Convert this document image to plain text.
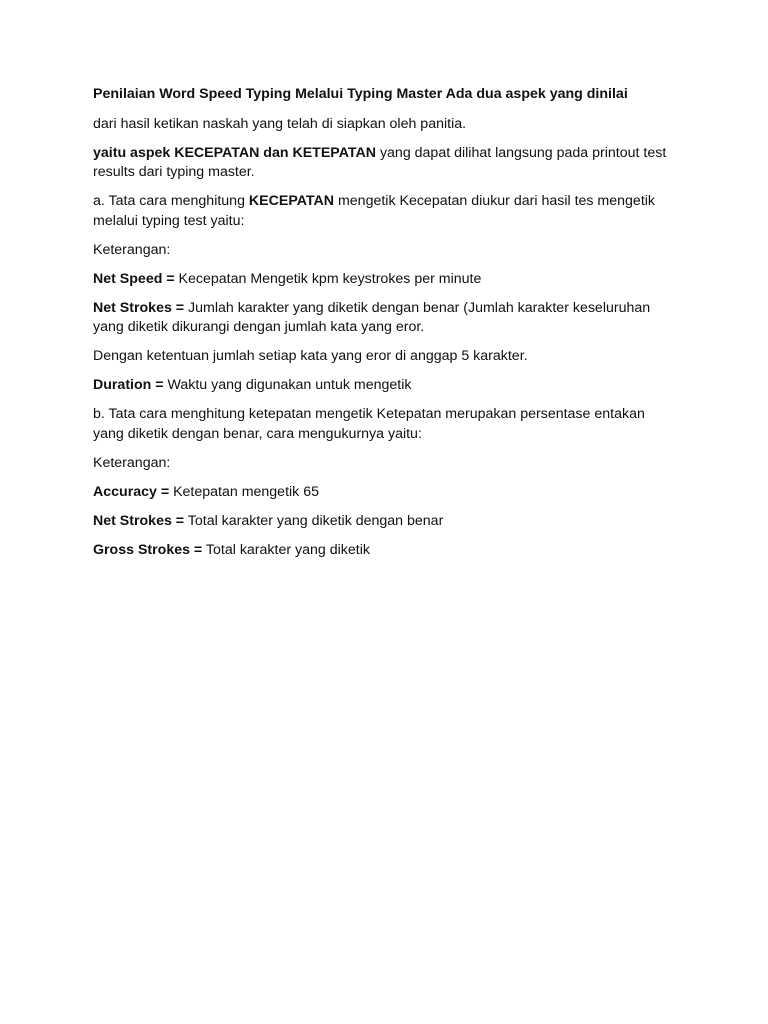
Penilaian Word Speed Typing Melalui Typing Master Ada dua aspek yang dinilai

dari hasil ketikan naskah yang telah di siapkan oleh panitia.

yaitu aspek KECEPATAN dan KETEPATAN yang dapat dilihat langsung pada printout test results dari typing master.

a. Tata cara menghitung KECEPATAN mengetik Kecepatan diukur dari hasil tes mengetik melalui typing test yaitu:

Keterangan:

Net Speed = Kecepatan Mengetik kpm keystrokes per minute

Net Strokes = Jumlah karakter yang diketik dengan benar (Jumlah karakter keseluruhan yang diketik dikurangi dengan jumlah kata yang eror.

Dengan ketentuan jumlah setiap kata yang eror di anggap 5 karakter.

Duration = Waktu yang digunakan untuk mengetik

b. Tata cara menghitung ketepatan mengetik Ketepatan merupakan persentase entakan yang diketik dengan benar, cara mengukurnya yaitu:

Keterangan:

Accuracy = Ketepatan mengetik 65

Net Strokes = Total karakter yang diketik dengan benar

Gross Strokes = Total karakter yang diketik
